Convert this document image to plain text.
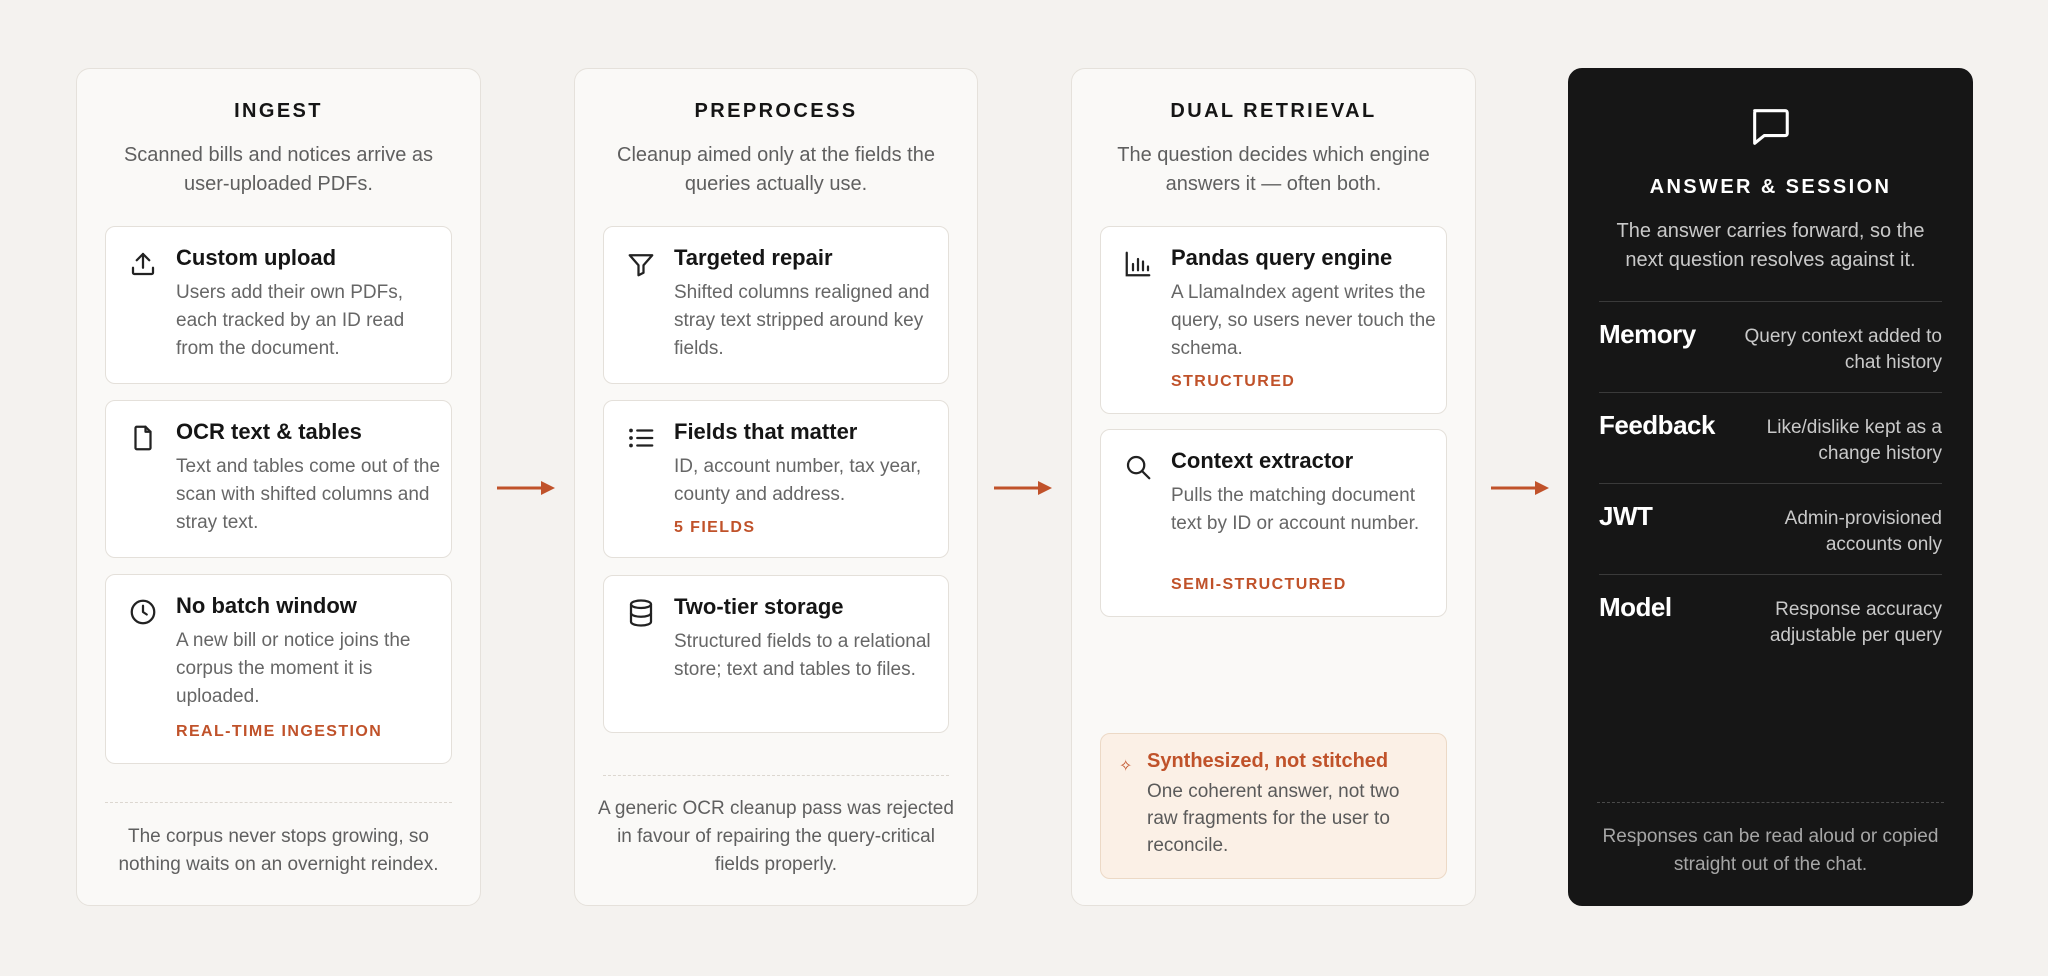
INGEST
Scanned bills and notices arrive as user-uploaded PDFs.
Custom upload
Users add their own PDFs, each tracked by an ID read from the document.
OCR text & tables
Text and tables come out of the scan with shifted columns and stray text.
No batch window
A new bill or notice joins the corpus the moment it is uploaded.
REAL-TIME INGESTION
The corpus never stops growing, so nothing waits on an overnight reindex.
PREPROCESS
Cleanup aimed only at the fields the queries actually use.
Targeted repair
Shifted columns realigned and stray text stripped around key fields.
Fields that matter
ID, account number, tax year, county and address.
5 FIELDS
Two-tier storage
Structured fields to a relational store; text and tables to files.
A generic OCR cleanup pass was rejected in favour of repairing the query-critical fields properly.
DUAL RETRIEVAL
The question decides which engine answers it — often both.
Pandas query engine
A LlamaIndex agent writes the query, so users never touch the schema.
STRUCTURED
Context extractor
Pulls the matching document text by ID or account number.
SEMI-STRUCTURED
✧ Synthesized, not stitched
One coherent answer, not two raw fragments for the user to reconcile.
ANSWER & SESSION
The answer carries forward, so the next question resolves against it.
Memory	Query context added to chat history
Feedback	Like/dislike kept as a change history
JWT	Admin-provisioned accounts only
Model	Response accuracy adjustable per query
Responses can be read aloud or copied straight out of the chat.
